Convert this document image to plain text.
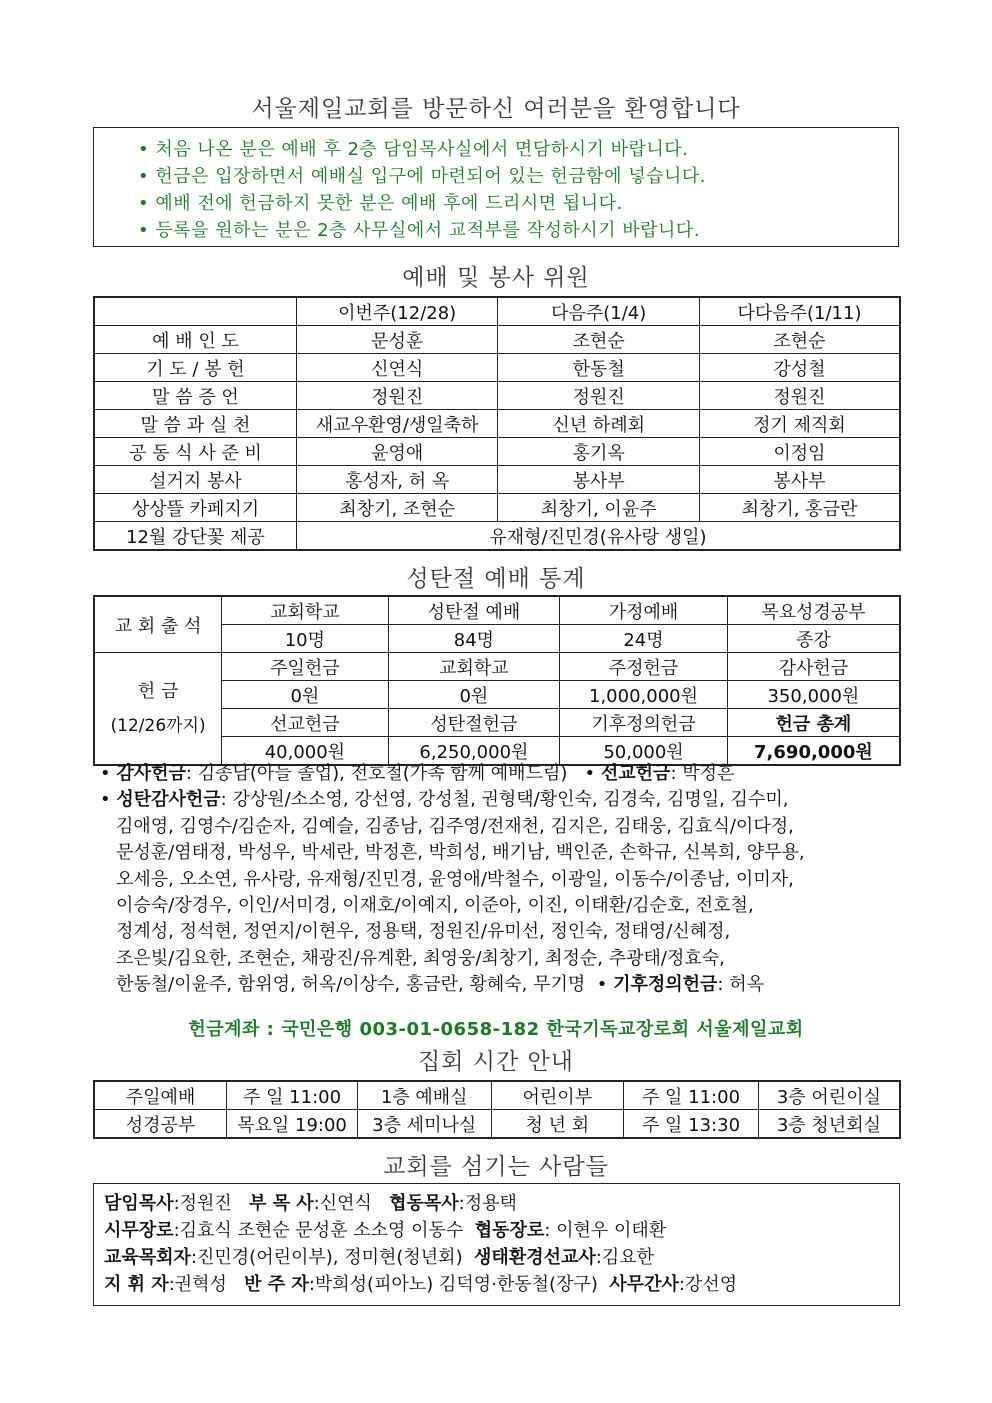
서울제일교회를 방문하신 여러분을 환영합니다
• 처음 나온 분은 예배 후 2층 담임목사실에서 면담하시기 바랍니다.
• 헌금은 입장하면서 예배실 입구에 마련되어 있는 헌금함에 넣습니다.
• 예배 전에 헌금하지 못한 분은 예배 후에 드리시면 됩니다.
• 등록을 원하는 분은 2층 사무실에서 교적부를 작성하시기 바랍니다.
예배 및 봉사 위원
	이번주(12/28)	다음주(1/4)	다다음주(1/11)
예 배 인 도	문성훈	조현순	조현순
기 도 / 봉 헌	신연식	한동철	강성철
말 씀 증 언	정원진	정원진	정원진
말 씀 과 실 천	새교우환영/생일축하	신년 하례회	정기 제직회
공 동 식 사 준 비	윤영애	홍기옥	이정임
설거지 봉사	홍성자, 허 옥	봉사부	봉사부
상상뜰 카페지기	최창기, 조현순	최창기, 이윤주	최창기, 홍금란
12월 강단꽃 제공	유재형/진민경(유사랑 생일)		
성탄절 예배 통계
교 회 출 석	교회학교	성탄절 예배	가정예배	목요성경공부
	10명	84명	24명	종강

헌 금
(12/26까지)	주일헌금	교회학교	주정헌금	감사헌금
	0원	0원	1,000,000원	350,000원
	선교헌금	성탄절헌금	기후정의헌금	헌금 총계
	40,000원	6,250,000원	50,000원	7,690,000원
• 감사헌금: 김종남(아들 졸업), 전호철(가족 함께 예배드림)   • 선교헌금: 박정흔
• 성탄감사헌금: 강상원/소소영, 강선영, 강성철, 권형택/황인숙, 김경숙, 김명일, 김수미,
김애영, 김영수/김순자, 김예슬, 김종남, 김주영/전재천, 김지은, 김태웅, 김효식/이다정,
문성훈/염태정, 박성우, 박세란, 박정흔, 박희성, 배기남, 백인준, 손학규, 신복희, 양무용,
오세응, 오소연, 유사랑, 유재형/진민경, 윤영애/박철수, 이광일, 이동수/이종남, 이미자,
이승숙/장경우, 이인/서미경, 이재호/이예지, 이준아, 이진, 이태환/김순호, 전호철,
정계성, 정석현, 정연지/이현우, 정용택, 정원진/유미선, 정인숙, 정태영/신혜정,
조은빛/김요한, 조현순, 채광진/유계환, 최영웅/최창기, 최정순, 추광태/정효숙,
한동철/이윤주, 함위영, 허옥/이상수, 홍금란, 황혜숙, 무기명  • 기후정의헌금: 허옥
헌금계좌 : 국민은행 003-01-0658-182 한국기독교장로회 서울제일교회
집회 시간 안내
주일예배	주 일 11:00	1층 예배실	어린이부	주 일 11:00	3층 어린이실
성경공부	목요일 19:00	3층 세미나실	청 년 회	주 일 13:30	3층 청년회실
교회를 섬기는 사람들
담임목사:정원진 부 목 사:신연식 협동목사:정용택
시무장로:김효식 조현순 문성훈 소소영 이동수 협동장로: 이현우 이태환
교육목회자:진민경(어린이부), 정미현(청년회) 생태환경선교사:김요한
지 휘 자:권혁성 반 주 자:박희성(피아노) 김덕영·한동철(장구) 사무간사:강선영
